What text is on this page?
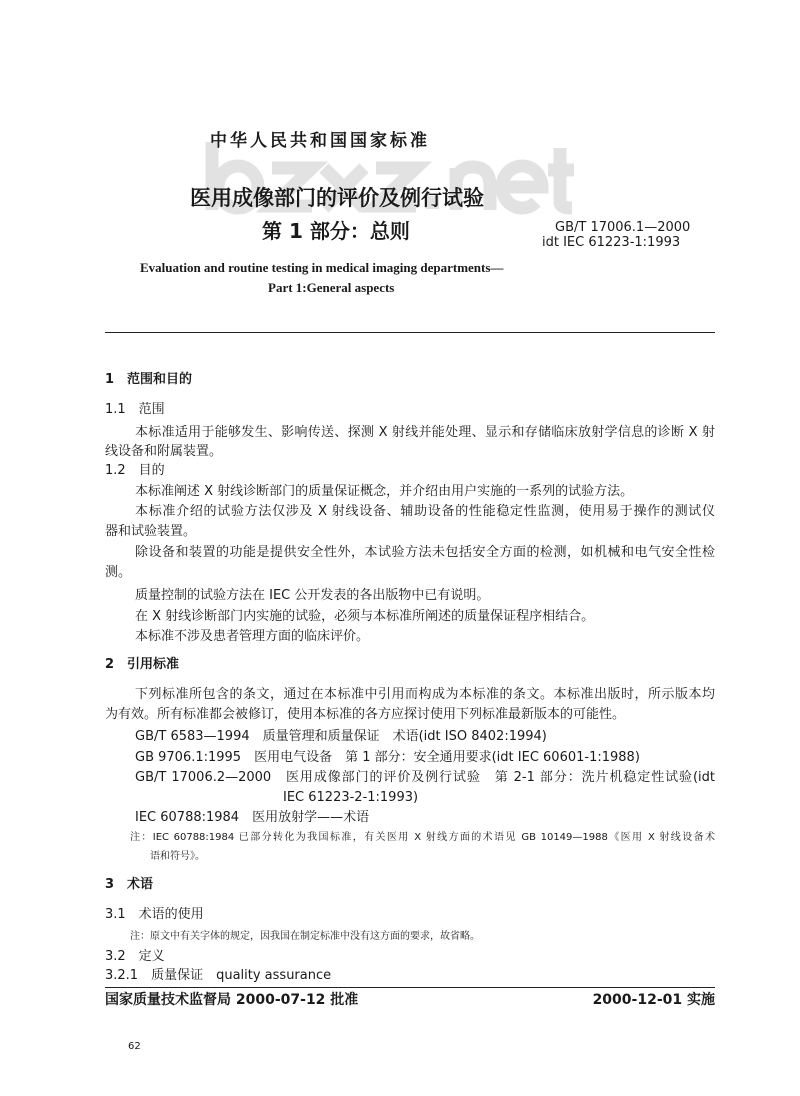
中华人民共和国国家标准
医用成像部门的评价及例行试验
第 1 部分：总则	GB/T 17006.1—2000
idt IEC 61223-1:1993
Evaluation and routine testing in medical imaging departments—
Part 1:General aspects
1　范围和目的
1.1　范围
本标准适用于能够发生、影响传送、探测 X 射线并能处理、显示和存储临床放射学信息的诊断 X 射
线设备和附属装置。
1.2　目的
本标准阐述 X 射线诊断部门的质量保证概念，并介绍由用户实施的一系列的试验方法。
本标准介绍的试验方法仅涉及 X 射线设备、辅助设备的性能稳定性监测，使用易于操作的测试仪
器和试验装置。
除设备和装置的功能是提供安全性外，本试验方法未包括安全方面的检测，如机械和电气安全性检
测。
质量控制的试验方法在 IEC 公开发表的各出版物中已有说明。
在 X 射线诊断部门内实施的试验，必须与本标准所阐述的质量保证程序相结合。
本标准不涉及患者管理方面的临床评价。
2　引用标准
下列标准所包含的条文，通过在本标准中引用而构成为本标准的条文。本标准出版时，所示版本均
为有效。所有标准都会被修订，使用本标准的各方应探讨使用下列标准最新版本的可能性。
GB/T 6583—1994　质量管理和质量保证　术语(idt ISO 8402:1994)
GB 9706.1:1995　医用电气设备　第 1 部分：安全通用要求(idt IEC 60601-1:1988)
GB/T 17006.2—2000　医用成像部门的评价及例行试验　第 2-1 部分：洗片机稳定性试验(idt
IEC 61223-2-1:1993)
IEC 60788:1984　医用放射学——术语
注：IEC 60788:1984 已部分转化为我国标准，有关医用 X 射线方面的术语见 GB 10149—1988《医用 X 射线设备术
语和符号》。
3　术语
3.1　术语的使用
注：原文中有关字体的规定，因我国在制定标准中没有这方面的要求，故省略。
3.2　定义
3.2.1　质量保证　quality assurance
国家质量技术监督局 2000-07-12 批准	2000-12-01 实施
62
